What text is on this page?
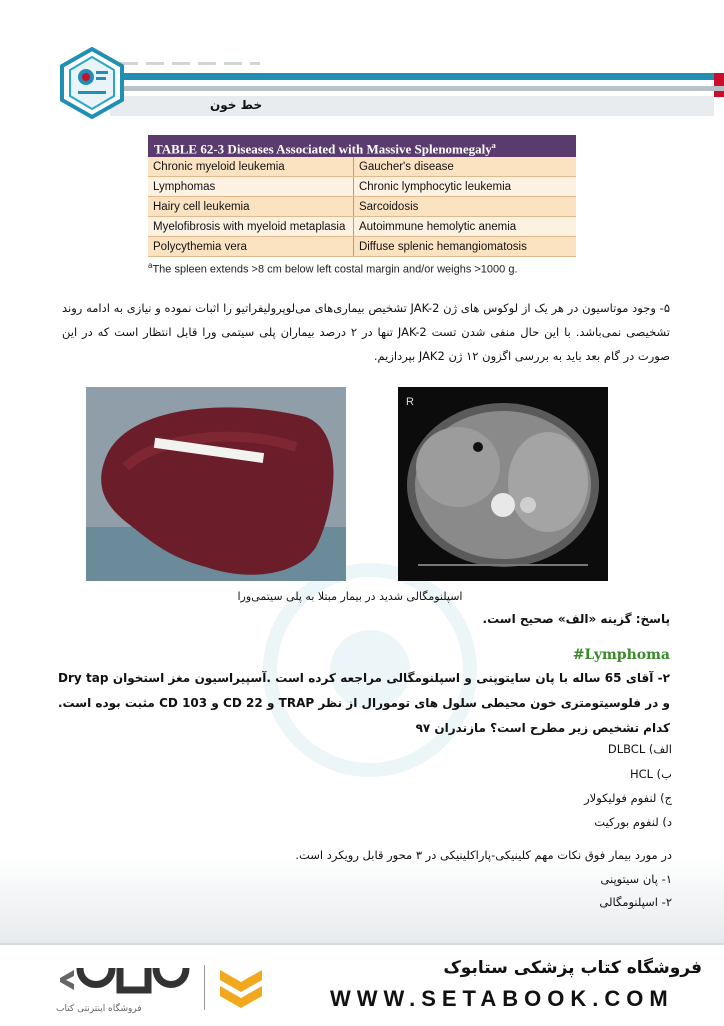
خط خون
TABLE 62-3 Diseases Associated with Massive Splenomegaly$^a$
Chronic myeloid leukemia	Gaucher's disease
Lymphomas	Chronic lymphocytic leukemia
Hairy cell leukemia	Sarcoidosis
Myelofibrosis with myeloid metaplasia	Autoimmune hemolytic anemia
Polycythemia vera	Diffuse splenic hemangiomatosis
$^a$The spleen extends >8 cm below left costal margin and/or weighs >1000 g.
۵- وجود موتاسیون در هر یک از لوکوس های ژن JAK-2 تشخیص بیماری‌های می‌لوپرولیفراتیو را اثبات نموده و نیازی به ادامه روند تشخیصی نمی‌باشد. با این حال منفی شدن تست JAK-2 تنها در ۲ درصد بیماران پلی سیتمی ورا قابل انتظار است که در این صورت در گام بعد باید به بررسی اگزون ۱۲ ژن JAK2 بپردازیم.
R
اسپلنومگالی شدید در بیمار مبتلا به پلی سیتمی‌ورا
پاسخ: گزینه «الف» صحیح است.
#Lymphoma
۲- آقای 65 ساله با پان سایتوپنی و اسپلنومگالی مراجعه کرده است .آسپیراسیون مغز استخوان Dry tap و در فلوسیتومتری خون محیطی سلول های تومورال از نظر TRAP و CD 22 و CD 103 مثبت بوده است. کدام تشخیص زیر مطرح است؟ مازندران ۹۷
الف) DLBCL
ب) HCL
ج) لنفوم فولیکولار
د) لنفوم بورکیت
در مورد بیمار فوق نکات مهم کلینیکی-پاراکلینیکی در ۳ محور قابل رویکرد است.
۱- پان سیتوپنی
۲- اسپلنومگالی
فروشگاه اینترنتی کتاب
فروشگاه کتاب پزشکی ستابوک
WWW.SETABOOK.COM
